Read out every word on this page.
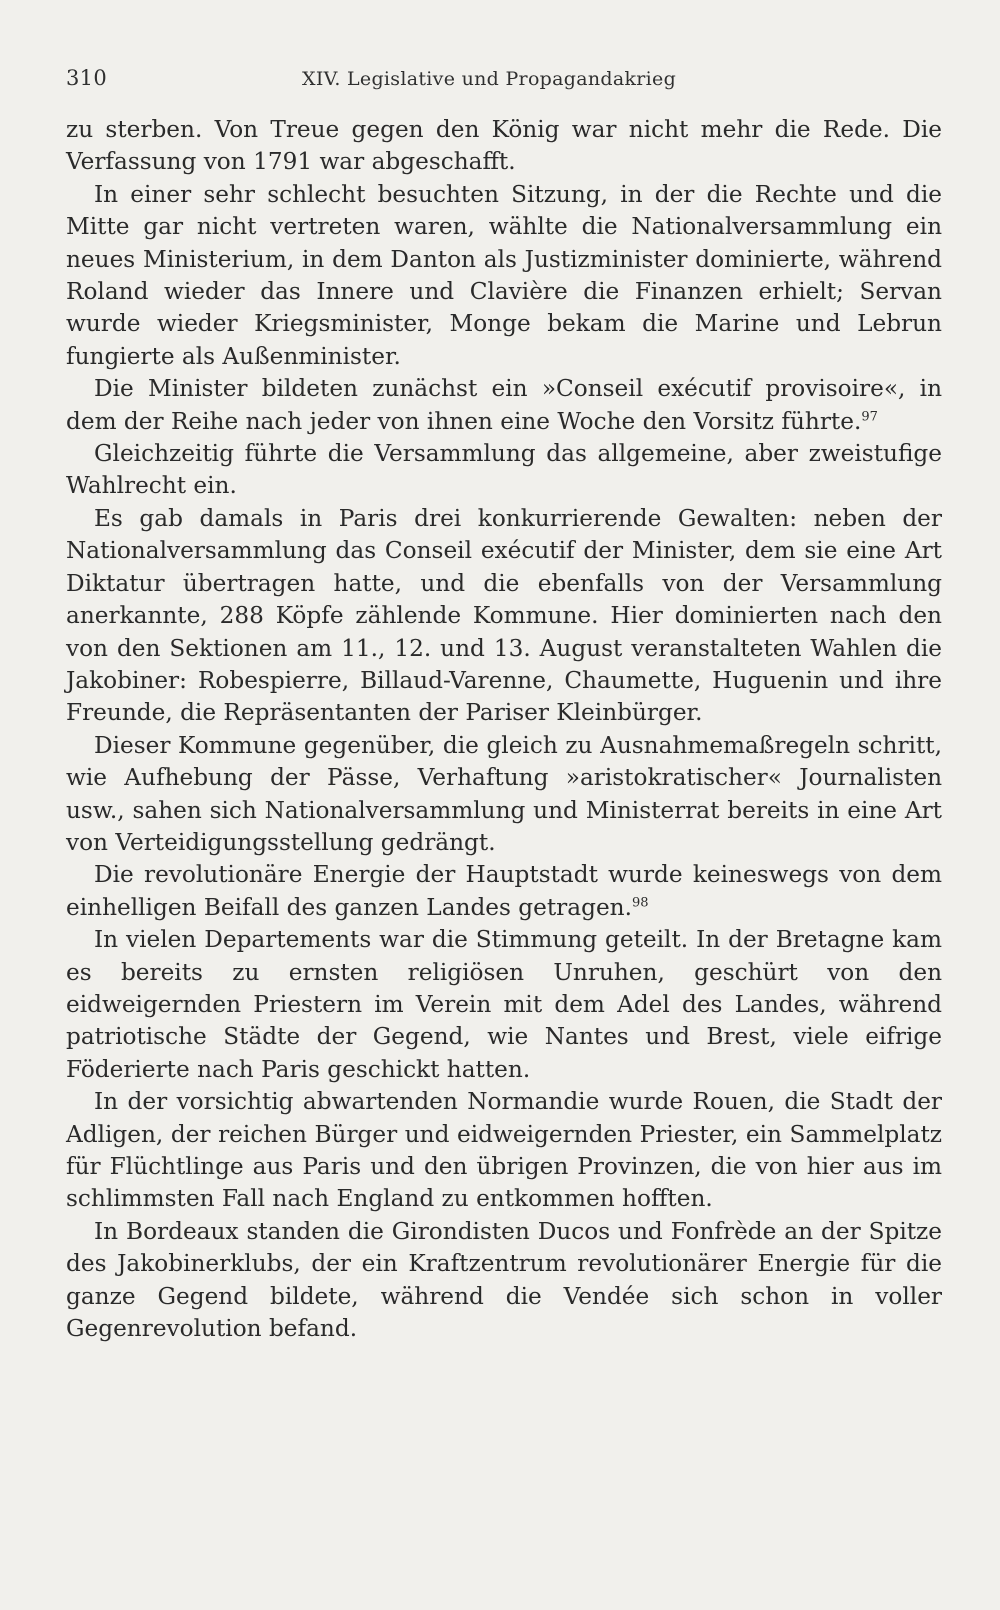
310	XIV. Legislative und Propagandakrieg

zu sterben. Von Treue gegen den König war nicht mehr die Rede. Die Verfassung von 1791 war abgeschafft.

In einer sehr schlecht besuchten Sitzung, in der die Rechte und die Mitte gar nicht vertreten waren, wählte die Nationalversammlung ein neues Ministerium, in dem Danton als Justizminister dominierte, während Roland wieder das Innere und Clavière die Finanzen erhielt; Servan wurde wieder Kriegsminister, Monge bekam die Marine und Lebrun fungierte als Außenminister.

Die Minister bildeten zunächst ein »Conseil exécutif provisoire«, in dem der Reihe nach jeder von ihnen eine Woche den Vorsitz führte.$^{97}$

Gleichzeitig führte die Versammlung das allgemeine, aber zweistufige Wahlrecht ein.

Es gab damals in Paris drei konkurrierende Gewalten: neben der Nationalversammlung das Conseil exécutif der Minister, dem sie eine Art Diktatur übertragen hatte, und die ebenfalls von der Versammlung anerkannte, 288 Köpfe zählende Kommune. Hier dominierten nach den von den Sektionen am 11., 12. und 13. August veranstalteten Wahlen die Jakobiner: Robespierre, Billaud-Varenne, Chaumette, Huguenin und ihre Freunde, die Repräsentanten der Pariser Kleinbürger.

Dieser Kommune gegenüber, die gleich zu Ausnahmemaßregeln schritt, wie Aufhebung der Pässe, Verhaftung »aristokratischer« Journalisten usw., sahen sich Nationalversammlung und Ministerrat bereits in eine Art von Verteidigungsstellung gedrängt.

Die revolutionäre Energie der Hauptstadt wurde keineswegs von dem einhelligen Beifall des ganzen Landes getragen.$^{98}$

In vielen Departements war die Stimmung geteilt. In der Bretagne kam es bereits zu ernsten religiösen Unruhen, geschürt von den eidweigernden Priestern im Verein mit dem Adel des Landes, während patriotische Städte der Gegend, wie Nantes und Brest, viele eifrige Föderierte nach Paris geschickt hatten.

In der vorsichtig abwartenden Normandie wurde Rouen, die Stadt der Adligen, der reichen Bürger und eidweigernden Priester, ein Sammelplatz für Flüchtlinge aus Paris und den übrigen Provinzen, die von hier aus im schlimmsten Fall nach England zu entkommen hofften.

In Bordeaux standen die Girondisten Ducos und Fonfrède an der Spitze des Jakobinerklubs, der ein Kraftzentrum revolutionärer Energie für die ganze Gegend bildete, während die Vendée sich schon in voller Gegenrevolution befand.
